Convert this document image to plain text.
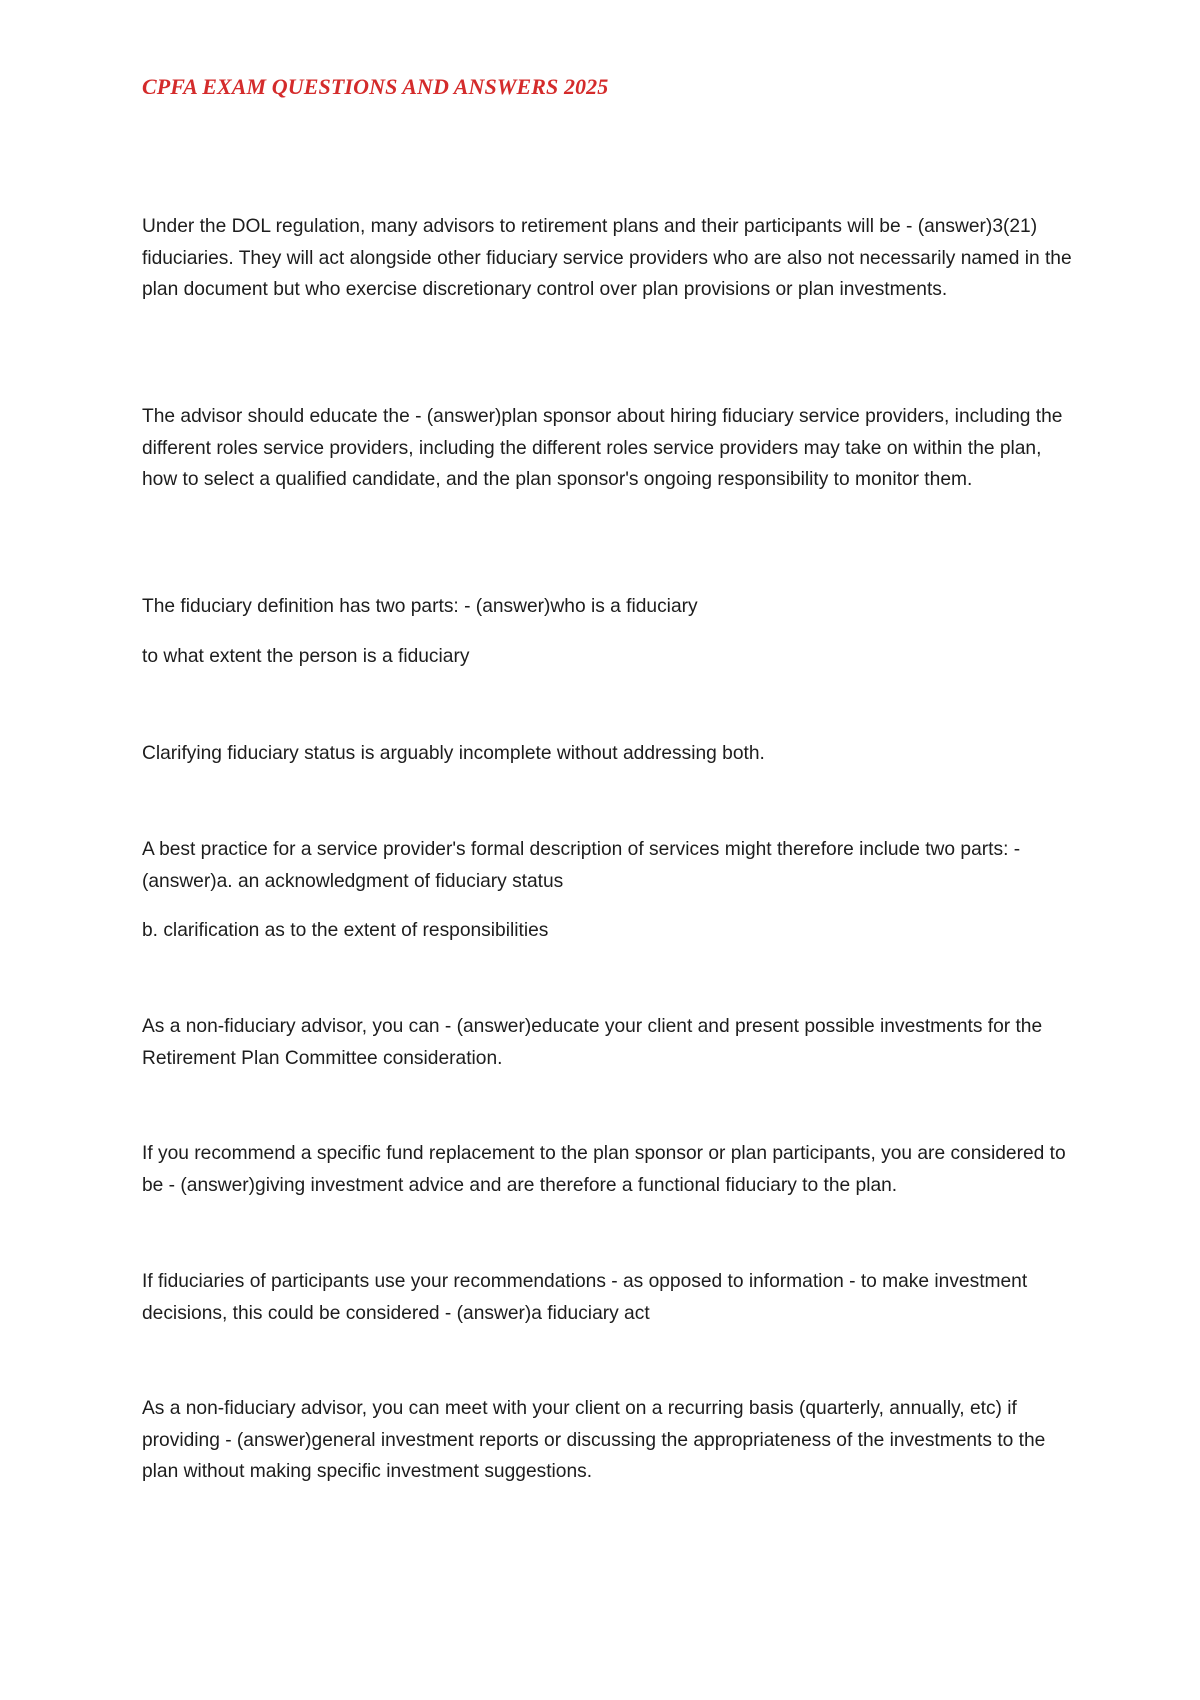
CPFA EXAM QUESTIONS AND ANSWERS 2025

Under the DOL regulation, many advisors to retirement plans and their participants will be - (answer)3(21) fiduciaries. They will act alongside other fiduciary service providers who are also not necessarily named in the plan document but who exercise discretionary control over plan provisions or plan investments.

The advisor should educate the - (answer)plan sponsor about hiring fiduciary service providers, including the different roles service providers, including the different roles service providers may take on within the plan, how to select a qualified candidate, and the plan sponsor's ongoing responsibility to monitor them.

The fiduciary definition has two parts: - (answer)who is a fiduciary

to what extent the person is a fiduciary

Clarifying fiduciary status is arguably incomplete without addressing both.

A best practice for a service provider's formal description of services might therefore include two parts: - (answer)a. an acknowledgment of fiduciary status

b. clarification as to the extent of responsibilities

As a non-fiduciary advisor, you can - (answer)educate your client and present possible investments for the Retirement Plan Committee consideration.

If you recommend a specific fund replacement to the plan sponsor or plan participants, you are considered to be - (answer)giving investment advice and are therefore a functional fiduciary to the plan.

If fiduciaries of participants use your recommendations - as opposed to information - to make investment decisions, this could be considered - (answer)a fiduciary act

As a non-fiduciary advisor, you can meet with your client on a recurring basis (quarterly, annually, etc) if providing - (answer)general investment reports or discussing the appropriateness of the investments to the plan without making specific investment suggestions.
